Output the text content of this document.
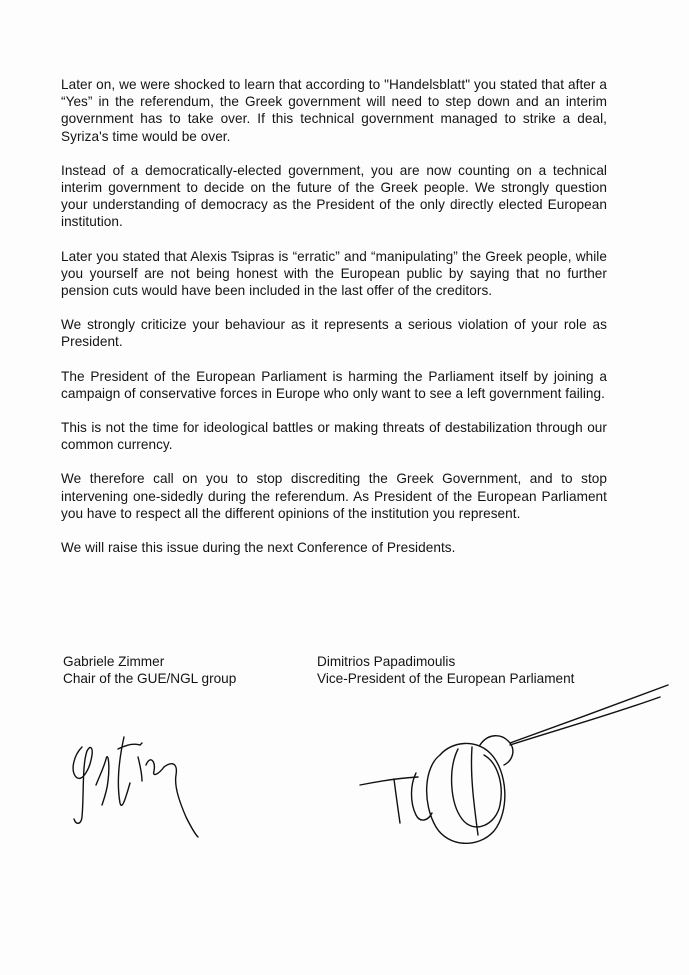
Later on, we were shocked to learn that according to "Handelsblatt" you stated that after a “Yes” in the referendum, the Greek government will need to step down and an interim government has to take over. If this technical government managed to strike a deal, Syriza's time would be over.

Instead of a democratically-elected government, you are now counting on a technical interim government to decide on the future of the Greek people. We strongly question your understanding of democracy as the President of the only directly elected European institution.

Later you stated that Alexis Tsipras is “erratic” and “manipulating” the Greek people, while you yourself are not being honest with the European public by saying that no further pension cuts would have been included in the last offer of the creditors.

We strongly criticize your behaviour as it represents a serious violation of your role as President.

The President of the European Parliament is harming the Parliament itself by joining a campaign of conservative forces in Europe who only want to see a left government failing.

This is not the time for ideological battles or making threats of destabilization through our common currency.

We therefore call on you to stop discrediting the Greek Government, and to stop intervening one-sidedly during the referendum. As President of the European Parliament you have to respect all the different opinions of the institution you represent.

We will raise this issue during the next Conference of Presidents.

Gabriele Zimmer
Chair of the GUE/NGL group
Dimitrios Papadimoulis
Vice-President of the European Parliament
